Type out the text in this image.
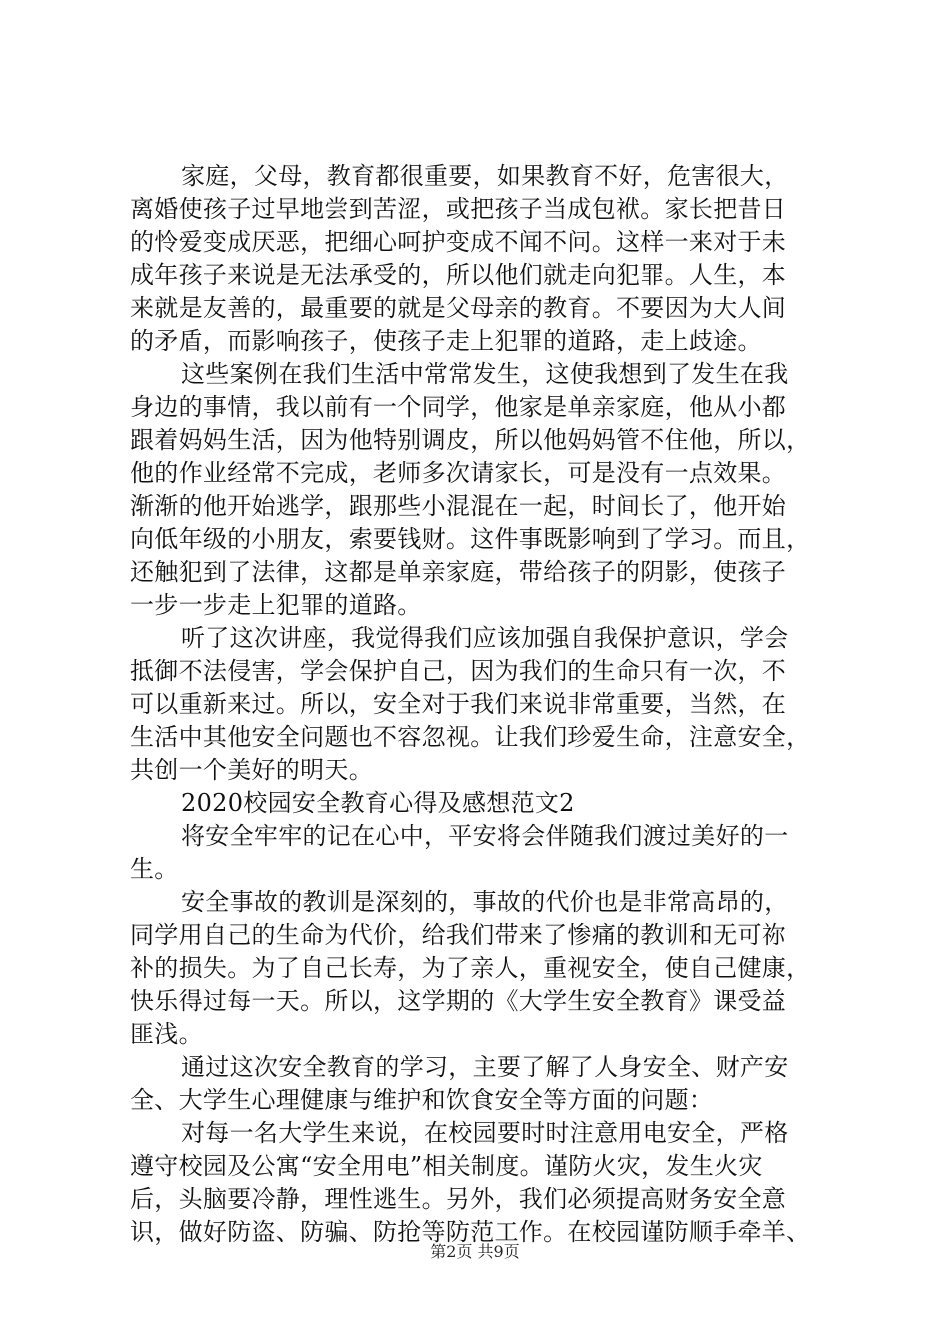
家庭，父母，教育都很重要，如果教育不好，危害很大，
离婚使孩子过早地尝到苦涩，或把孩子当成包袱。家长把昔日
的怜爱变成厌恶，把细心呵护变成不闻不问。这样一来对于未
成年孩子来说是无法承受的，所以他们就走向犯罪。人生，本
来就是友善的，最重要的就是父母亲的教育。不要因为大人间
的矛盾，而影响孩子，使孩子走上犯罪的道路，走上歧途。
这些案例在我们生活中常常发生，这使我想到了发生在我
身边的事情，我以前有一个同学，他家是单亲家庭，他从小都
跟着妈妈生活，因为他特别调皮，所以他妈妈管不住他，所以，
他的作业经常不完成，老师多次请家长，可是没有一点效果。
渐渐的他开始逃学，跟那些小混混在一起，时间长了，他开始
向低年级的小朋友，索要钱财。这件事既影响到了学习。而且，
还触犯到了法律，这都是单亲家庭，带给孩子的阴影，使孩子
一步一步走上犯罪的道路。
听了这次讲座，我觉得我们应该加强自我保护意识，学会
抵御不法侵害，学会保护自己，因为我们的生命只有一次，不
可以重新来过。所以，安全对于我们来说非常重要，当然，在
生活中其他安全问题也不容忽视。让我们珍爱生命，注意安全，
共创一个美好的明天。
2020校园安全教育心得及感想范文2
将安全牢牢的记在心中，平安将会伴随我们渡过美好的一
生。
安全事故的教训是深刻的，事故的代价也是非常高昂的，
同学用自己的生命为代价，给我们带来了惨痛的教训和无可祢
补的损失。为了自己长寿，为了亲人，重视安全，使自己健康，
快乐得过每一天。所以，这学期的《大学生安全教育》课受益
匪浅。
通过这次安全教育的学习，主要了解了人身安全、财产安
全、大学生心理健康与维护和饮食安全等方面的问题：
对每一名大学生来说，在校园要时时注意用电安全，严格
遵守校园及公寓“安全用电”相关制度。谨防火灾，发生火灾
后，头脑要冷静，理性逃生。另外，我们必须提高财务安全意
识，做好防盗、防骗、防抢等防范工作。在校园谨防顺手牵羊、
第2页 共9页
